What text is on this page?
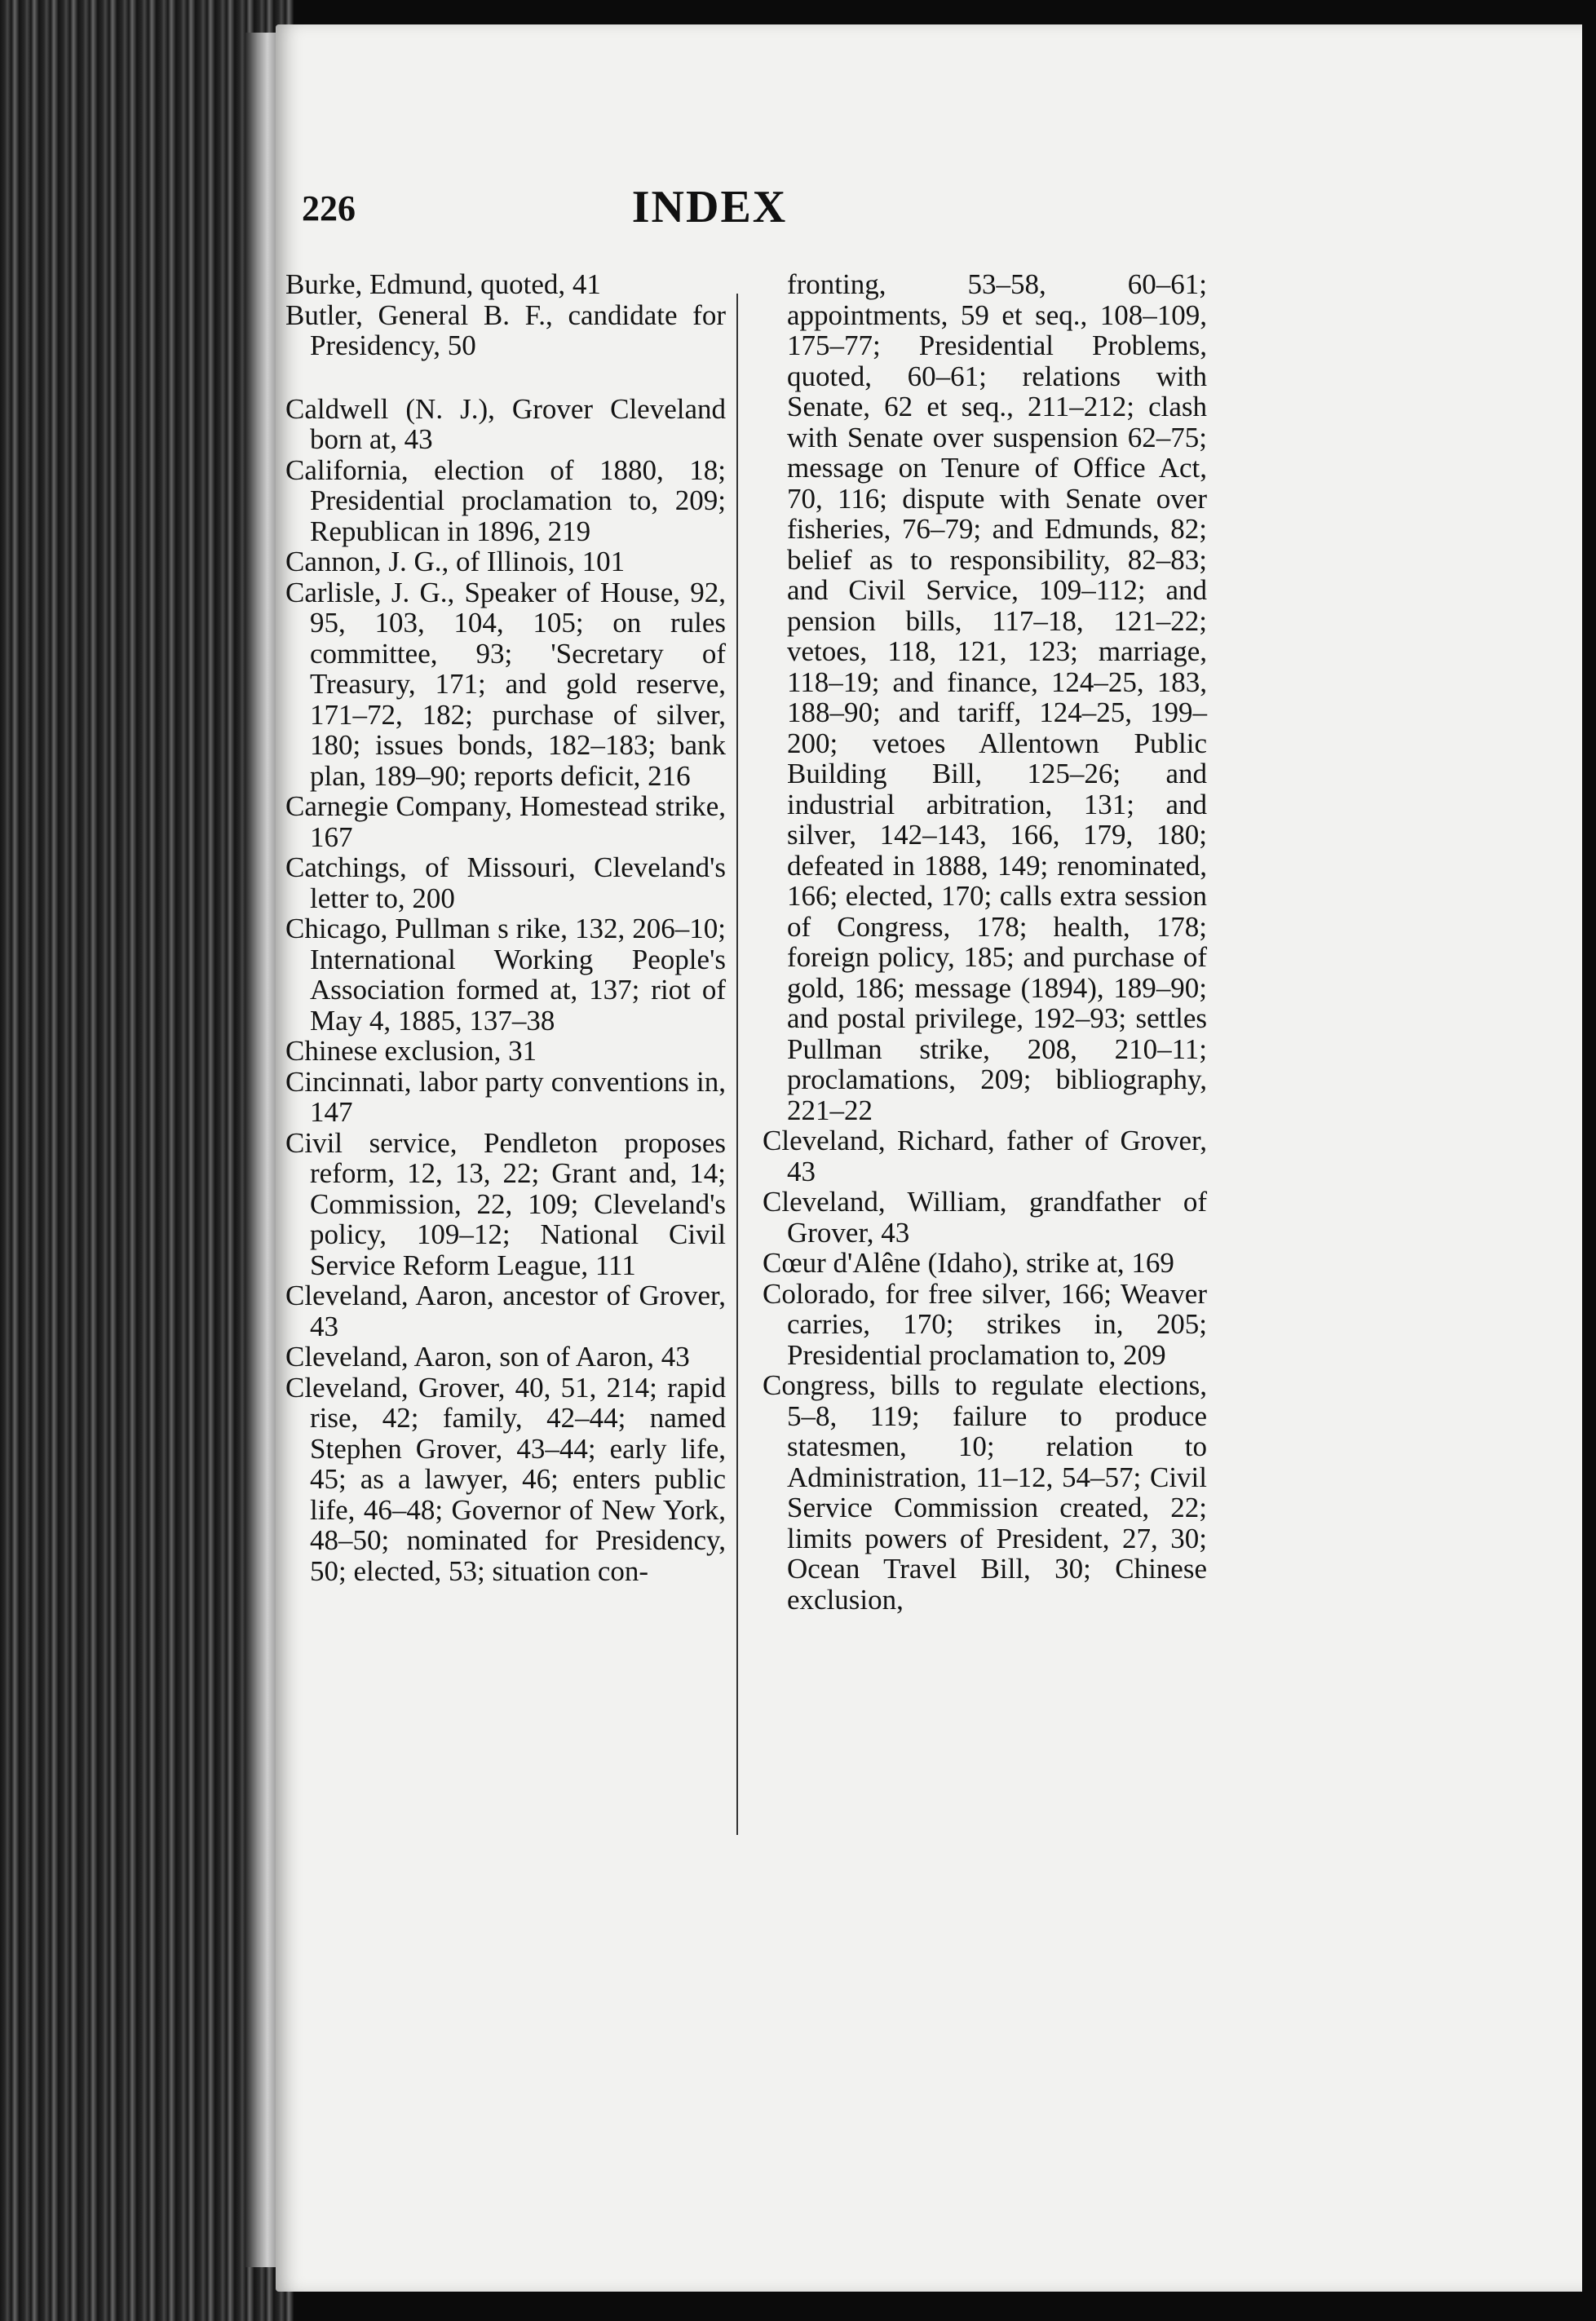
226	INDEX

Burke, Edmund, quoted, 41

Butler, General B. F., candidate for Presidency, 50

Caldwell (N. J.), Grover Cleveland born at, 43

California, election of 1880, 18; Presidential proclamation to, 209; Republican in 1896, 219

Cannon, J. G., of Illinois, 101

Carlisle, J. G., Speaker of House, 92, 95, 103, 104, 105; on rules committee, 93; 'Secretary of Treasury, 171; and gold reserve, 171–72, 182; purchase of silver, 180; issues bonds, 182–183; bank plan, 189–90; reports deficit, 216

Carnegie Company, Homestead strike, 167

Catchings, of Missouri, Cleveland's letter to, 200

Chicago, Pullman s rike, 132, 206–10; International Working People's Association formed at, 137; riot of May 4, 1885, 137–38

Chinese exclusion, 31

Cincinnati, labor party conventions in, 147

Civil service, Pendleton proposes reform, 12, 13, 22; Grant and, 14; Commission, 22, 109; Cleveland's policy, 109–12; National Civil Service Reform League, 111

Cleveland, Aaron, ancestor of Grover, 43

Cleveland, Aaron, son of Aaron, 43

Cleveland, Grover, 40, 51, 214; rapid rise, 42; family, 42–44; named Stephen Grover, 43–44; early life, 45; as a lawyer, 46; enters public life, 46–48; Governor of New York, 48–50; nominated for Presidency, 50; elected, 53; situation con-

fronting, 53–58, 60–61; appointments, 59 et seq., 108–109, 175–77; Presidential Problems, quoted, 60–61; relations with Senate, 62 et seq., 211–212; clash with Senate over suspension 62–75; message on Tenure of Office Act, 70, 116; dispute with Senate over fisheries, 76–79; and Edmunds, 82; belief as to responsibility, 82–83; and Civil Service, 109–112; and pension bills, 117–18, 121–22; vetoes, 118, 121, 123; marriage, 118–19; and finance, 124–25, 183, 188–90; and tariff, 124–25, 199–200; vetoes Allentown Public Building Bill, 125–26; and industrial arbitration, 131; and silver, 142–143, 166, 179, 180; defeated in 1888, 149; renominated, 166; elected, 170; calls extra session of Congress, 178; health, 178; foreign policy, 185; and purchase of gold, 186; message (1894), 189–90; and postal privilege, 192–93; settles Pullman strike, 208, 210–11; proclamations, 209; bibliography, 221–22

Cleveland, Richard, father of Grover, 43

Cleveland, William, grandfather of Grover, 43

Cœur d'Alêne (Idaho), strike at, 169

Colorado, for free silver, 166; Weaver carries, 170; strikes in, 205; Presidential proclamation to, 209

Congress, bills to regulate elections, 5–8, 119; failure to produce statesmen, 10; relation to Administration, 11–12, 54–57; Civil Service Commission created, 22; limits powers of President, 27, 30; Ocean Travel Bill, 30; Chinese exclusion,
